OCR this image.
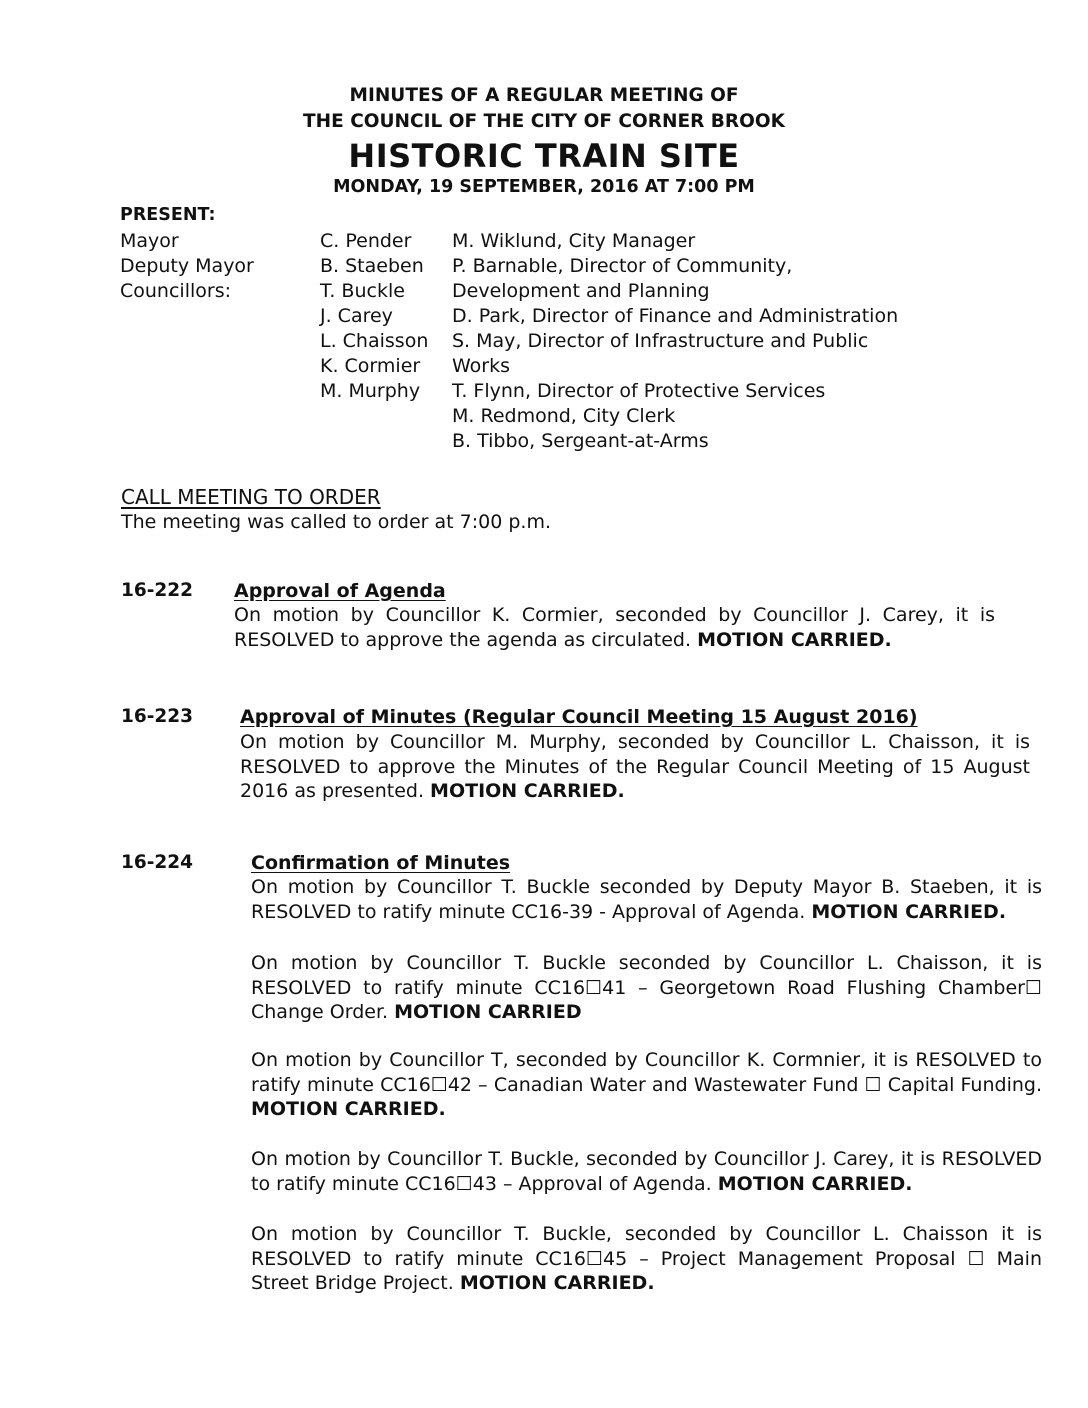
MINUTES OF A REGULAR MEETING OF
THE COUNCIL OF THE CITY OF CORNER BROOK
HISTORIC TRAIN SITE
MONDAY, 19 SEPTEMBER, 2016 AT 7:00 PM
PRESENT:
Mayor
Deputy Mayor
Councillors:
C. Pender
B. Staeben
T. Buckle
J. Carey
L. Chaisson
K. Cormier
M. Murphy
M. Wiklund, City Manager
P. Barnable, Director of Community,
Development and Planning
D. Park, Director of Finance and Administration
S. May, Director of Infrastructure and Public
Works
T. Flynn, Director of Protective Services
M. Redmond, City Clerk
B. Tibbo, Sergeant-at-Arms
CALL MEETING TO ORDER
The meeting was called to order at 7:00 p.m.
16-222 Approval of Agenda
On motion by Councillor K. Cormier, seconded by Councillor J. Carey, it is RESOLVED to approve the agenda as circulated. MOTION CARRIED.
16-223 Approval of Minutes (Regular Council Meeting 15 August 2016)
On motion by Councillor M. Murphy, seconded by Councillor L. Chaisson, it is RESOLVED to approve the Minutes of the Regular Council Meeting of 15 August 2016 as presented. MOTION CARRIED.
16-224	Confirmation of Minutes
On motion by Councillor T. Buckle seconded by Deputy Mayor B. Staeben, it is RESOLVED to ratify minute CC16-39 - Approval of Agenda. MOTION CARRIED.
On motion by Councillor T. Buckle seconded by Councillor L. Chaisson, it is RESOLVED to ratify minute CC16☐41 – Georgetown Road Flushing Chamber☐ Change Order. MOTION CARRIED
On motion by Councillor T, seconded by Councillor K. Cormnier, it is RESOLVED to ratify minute CC16☐42 – Canadian Water and Wastewater Fund ☐ Capital Funding. MOTION CARRIED.
On motion by Councillor T. Buckle, seconded by Councillor J. Carey, it is RESOLVED to ratify minute CC16☐43 – Approval of Agenda. MOTION CARRIED.
On motion by Councillor T. Buckle, seconded by Councillor L. Chaisson it is RESOLVED to ratify minute CC16☐45 – Project Management Proposal ☐ Main Street Bridge Project. MOTION CARRIED.
